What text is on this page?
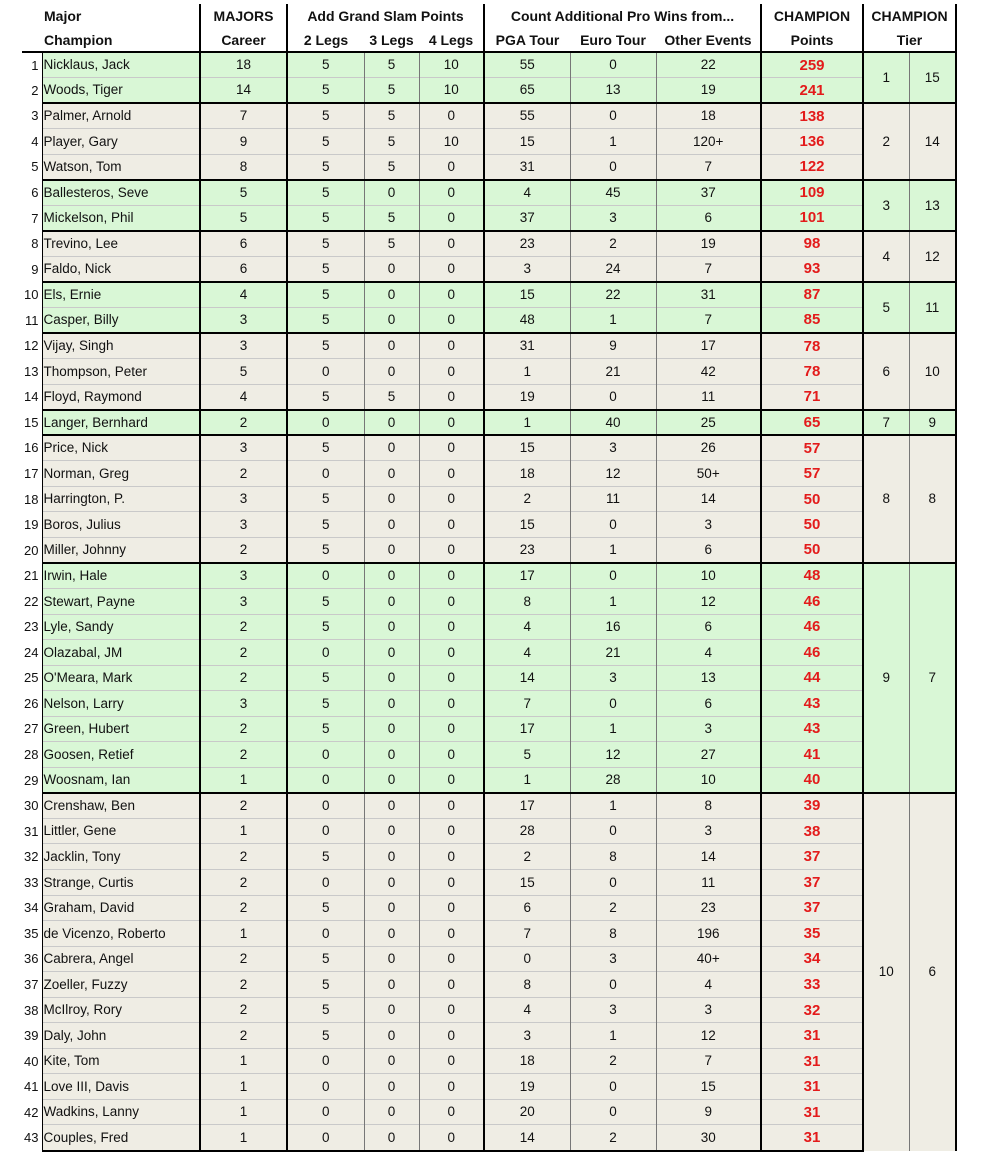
	Major	MAJORS	Add Grand Slam Points			Count Additional Pro Wins from...			CHAMPION	CHAMPION	
	Champion	Career	2 Legs	3 Legs	4 Legs	PGA Tour	Euro Tour	Other Events	Points	Tier	
1	Nicklaus, Jack	18	5	5	10	55	0	22	259	1	15
2	Woods, Tiger	14	5	5	10	65	13	19	241		
3	Palmer, Arnold	7	5	5	0	55	0	18	138	2	14
4	Player, Gary	9	5	5	10	15	1	120+	136		
5	Watson, Tom	8	5	5	0	31	0	7	122		
6	Ballesteros, Seve	5	5	0	0	4	45	37	109	3	13
7	Mickelson, Phil	5	5	5	0	37	3	6	101		
8	Trevino, Lee	6	5	5	0	23	2	19	98	4	12
9	Faldo, Nick	6	5	0	0	3	24	7	93		
10	Els, Ernie	4	5	0	0	15	22	31	87	5	11
11	Casper, Billy	3	5	0	0	48	1	7	85		
12	Vijay, Singh	3	5	0	0	31	9	17	78	6	10
13	Thompson, Peter	5	0	0	0	1	21	42	78		
14	Floyd, Raymond	4	5	5	0	19	0	11	71		
15	Langer, Bernhard	2	0	0	0	1	40	25	65	7	9
16	Price, Nick	3	5	0	0	15	3	26	57	8	8
17	Norman, Greg	2	0	0	0	18	12	50+	57		
18	Harrington, P.	3	5	0	0	2	11	14	50		
19	Boros, Julius	3	5	0	0	15	0	3	50		
20	Miller, Johnny	2	5	0	0	23	1	6	50		
21	Irwin, Hale	3	0	0	0	17	0	10	48	9	7
22	Stewart, Payne	3	5	0	0	8	1	12	46		
23	Lyle, Sandy	2	5	0	0	4	16	6	46		
24	Olazabal, JM	2	0	0	0	4	21	4	46		
25	O'Meara, Mark	2	5	0	0	14	3	13	44		
26	Nelson, Larry	3	5	0	0	7	0	6	43		
27	Green, Hubert	2	5	0	0	17	1	3	43		
28	Goosen, Retief	2	0	0	0	5	12	27	41		
29	Woosnam, Ian	1	0	0	0	1	28	10	40		
30	Crenshaw, Ben	2	0	0	0	17	1	8	39	10	6
31	Littler, Gene	1	0	0	0	28	0	3	38		
32	Jacklin, Tony	2	5	0	0	2	8	14	37		
33	Strange, Curtis	2	0	0	0	15	0	11	37		
34	Graham, David	2	5	0	0	6	2	23	37		
35	de Vicenzo, Roberto	1	0	0	0	7	8	196	35		
36	Cabrera, Angel	2	5	0	0	0	3	40+	34		
37	Zoeller, Fuzzy	2	5	0	0	8	0	4	33		
38	McIlroy, Rory	2	5	0	0	4	3	3	32		
39	Daly, John	2	5	0	0	3	1	12	31		
40	Kite, Tom	1	0	0	0	18	2	7	31		
41	Love III, Davis	1	0	0	0	19	0	15	31		
42	Wadkins, Lanny	1	0	0	0	20	0	9	31		
43	Couples, Fred	1	0	0	0	14	2	30	31		
